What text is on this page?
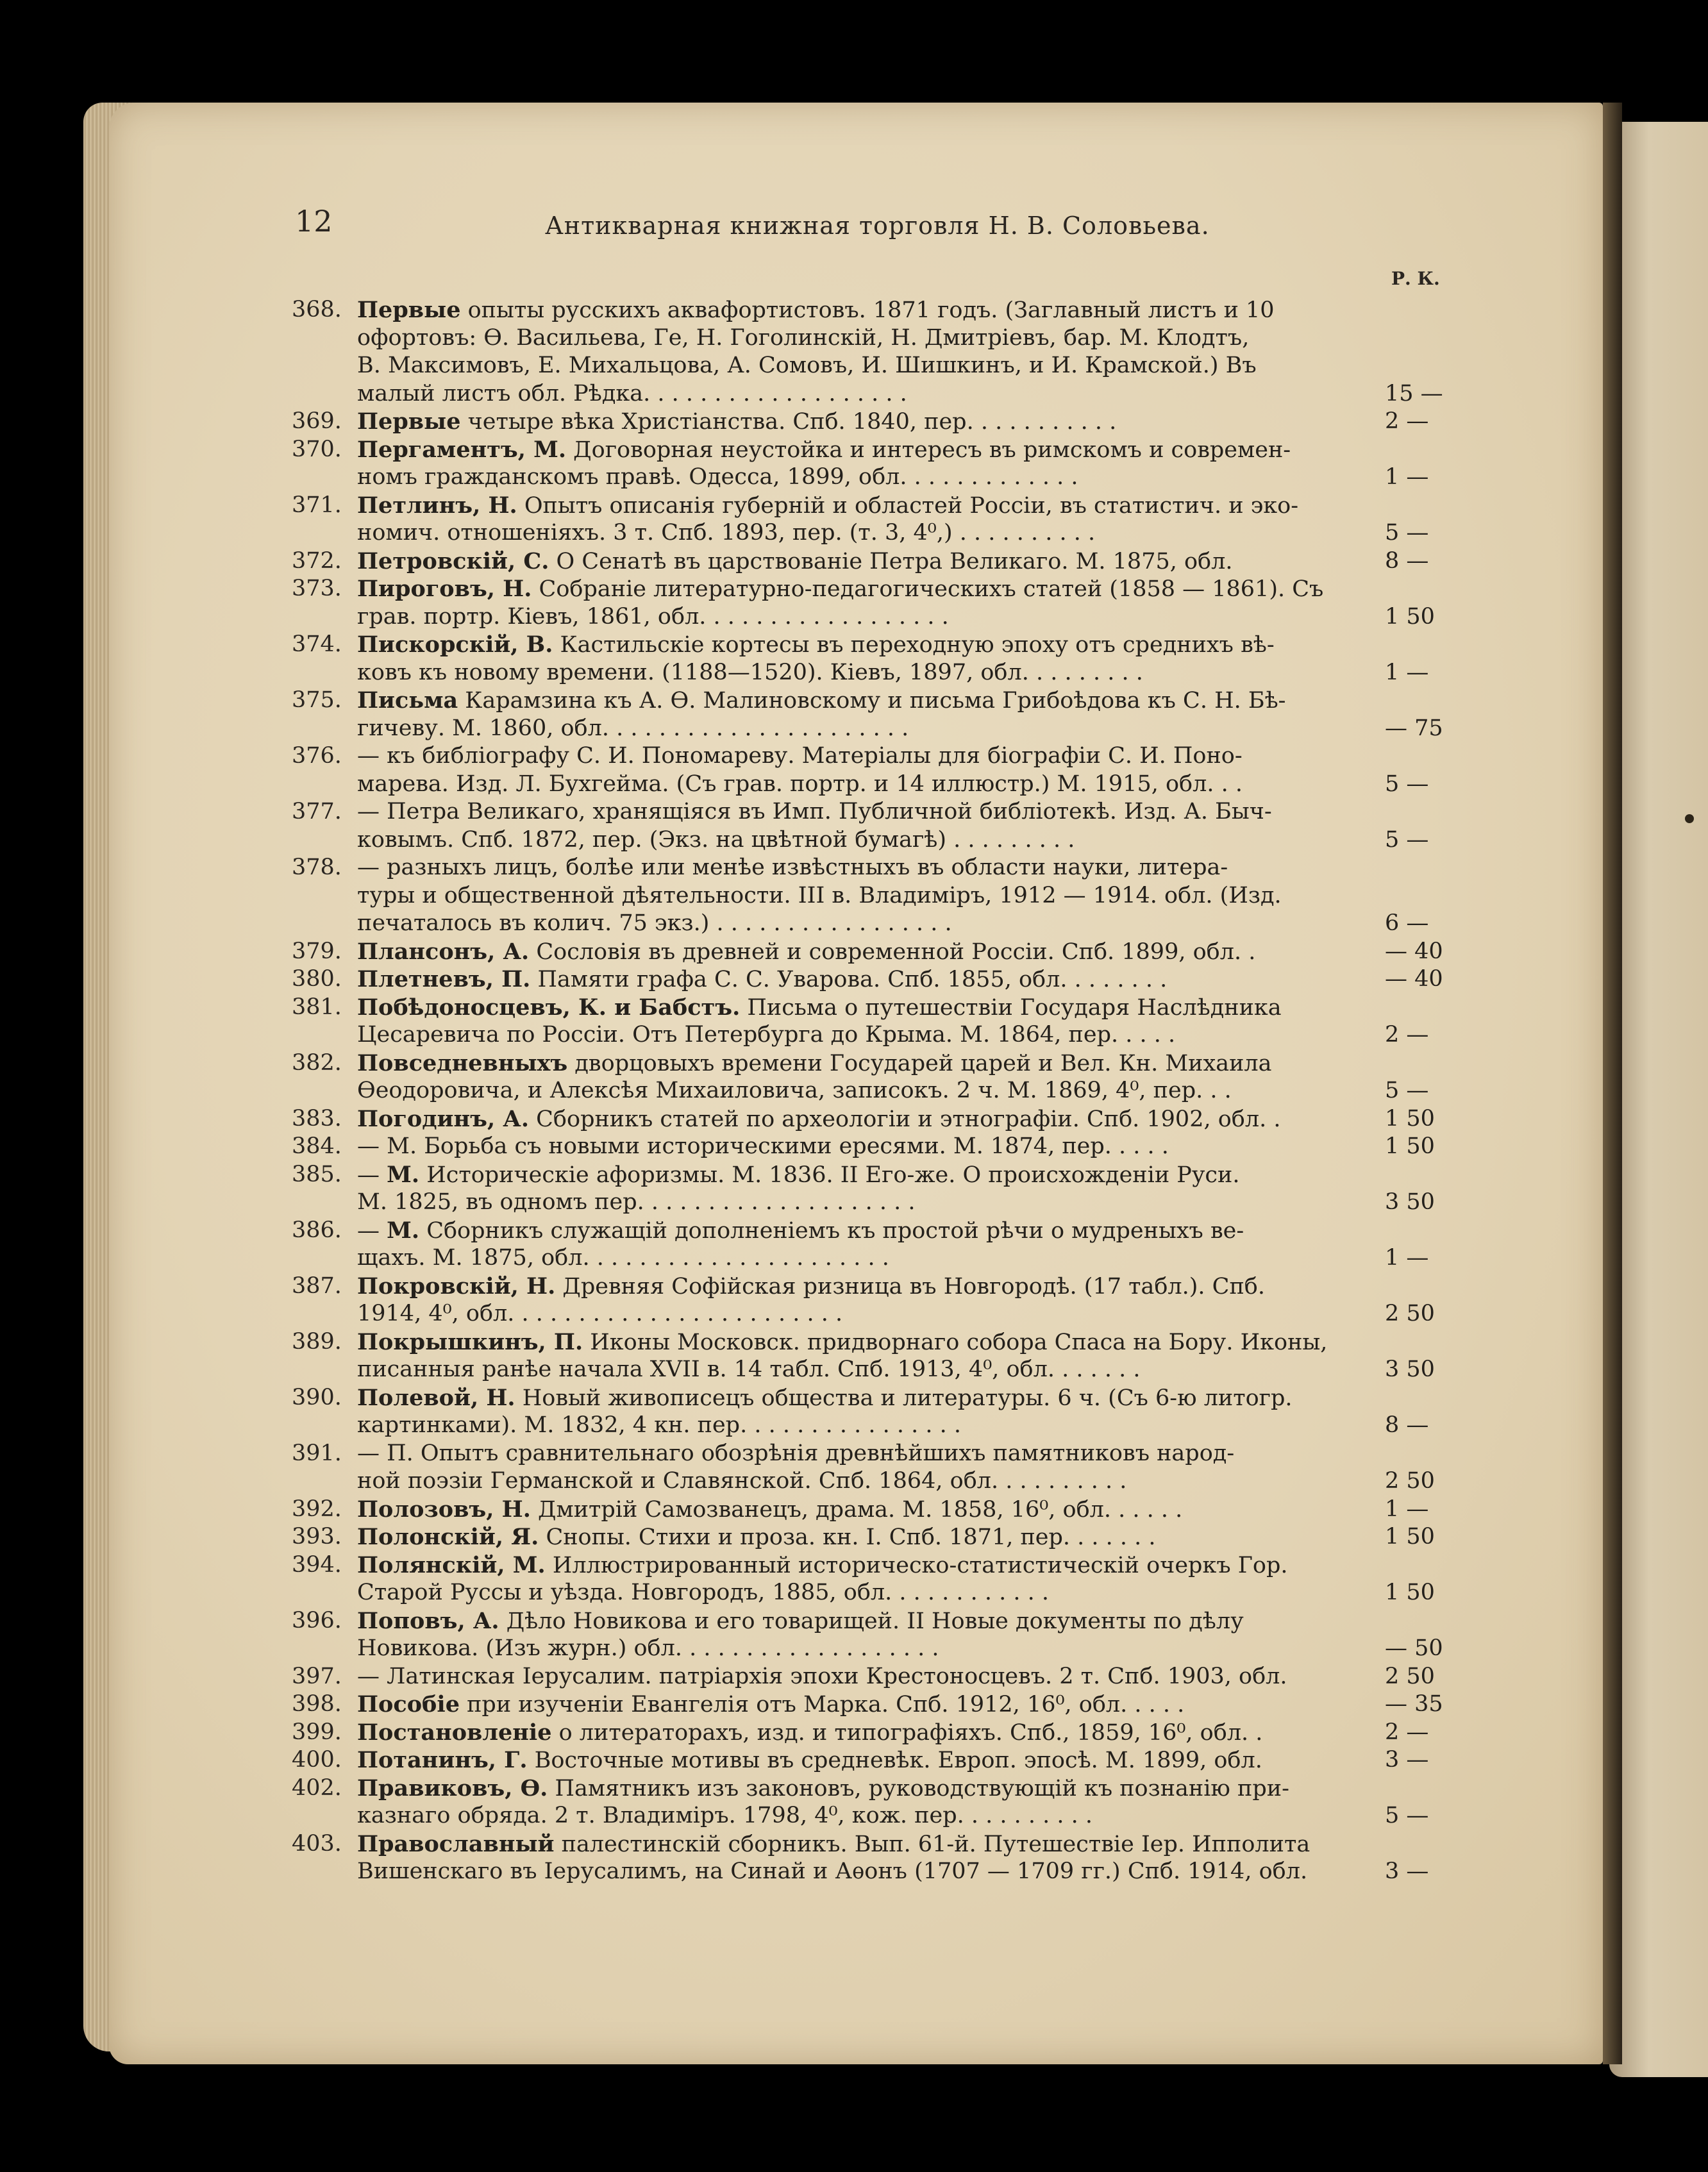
12	Антикварная книжная торговля Н. В. Соловьева.
Р. К.
368. Первые опыты русскихъ аквафортистовъ. 1871 годъ. (Заглавный листъ и 10
офортовъ: Ѳ. Васильева, Ге, Н. Гоголинскій, Н. Дмитріевъ, бар. М. Клодтъ,
В. Максимовъ, Е. Михальцова, А. Сомовъ, И. Шишкинъ, и И. Крамской.) Въ
малый листъ обл. Рѣдка. . . . . . . . . . . . . . . . . . .	15 —
369. Первые четыре вѣка Христіанства. Спб. 1840, пер. . . . . . . . . . .	2 —
370. Пергаментъ, М. Договорная неустойка и интересъ въ римскомъ и современ-
номъ гражданскомъ правѣ. Одесса, 1899, обл. . . . . . . . . . . . .	1 —
371. Петлинъ, Н. Опытъ описанія губерній и областей Россіи, въ статистич. и эко-
номич. отношеніяхъ. 3 т. Спб. 1893, пер. (т. 3, 4⁰,) . . . . . . . . . .	5 —
372. Петровскій, С. О Сенатѣ въ царствованіе Петра Великаго. М. 1875, обл.	8 —
373. Пироговъ, Н. Собраніе литературно-педагогическихъ статей (1858 — 1861). Съ
грав. портр. Кіевъ, 1861, обл. . . . . . . . . . . . . . . . . .	1 50
374. Пискорскій, В. Кастильскіе кортесы въ переходную эпоху отъ среднихъ вѣ-
ковъ къ новому времени. (1188—1520). Кіевъ, 1897, обл. . . . . . . . .	1 —
375. Письма Карамзина къ А. Ѳ. Малиновскому и письма Грибоѣдова къ С. Н. Бѣ-
гичеву. М. 1860, обл. . . . . . . . . . . . . . . . . . . . . .	— 75
376. — къ библіографу С. И. Пономареву. Матеріалы для біографіи С. И. Поно-
марева. Изд. Л. Бухгейма. (Съ грав. портр. и 14 иллюстр.) М. 1915, обл. . .	5 —
377. — Петра Великаго, хранящіяся въ Имп. Публичной библіотекѣ. Изд. А. Быч-
ковымъ. Спб. 1872, пер. (Экз. на цвѣтной бумагѣ) . . . . . . . . .	5 —
378. — разныхъ лицъ, болѣе или менѣе извѣстныхъ въ области науки, литера-
туры и общественной дѣятельности. III в. Владиміръ, 1912 — 1914. обл. (Изд.
печаталось въ колич. 75 экз.) . . . . . . . . . . . . . . . . .	6 —
379. Плансонъ, А. Сословія въ древней и современной Россіи. Спб. 1899, обл. .	— 40
380. Плетневъ, П. Памяти графа С. С. Уварова. Спб. 1855, обл. . . . . . . .	— 40
381. Побѣдоносцевъ, К. и Бабстъ. Письма о путешествіи Государя Наслѣдника
Цесаревича по Россіи. Отъ Петербурга до Крыма. М. 1864, пер. . . . .	2 —
382. Повседневныхъ дворцовыхъ времени Государей царей и Вел. Кн. Михаила
Ѳеодоровича, и Алексѣя Михаиловича, записокъ. 2 ч. М. 1869, 4⁰, пер. . .	5 —
383. Погодинъ, А. Сборникъ статей по археологіи и этнографіи. Спб. 1902, обл. .	1 50
384. — М. Борьба съ новыми историческими ересями. М. 1874, пер. . . . .	1 50
385. — М. Историческіе афоризмы. М. 1836. II Его-же. О происхожденіи Руси.
М. 1825, въ одномъ пер. . . . . . . . . . . . . . . . . . . .	3 50
386. — М. Сборникъ служащій дополненіемъ къ простой рѣчи о мудреныхъ ве-
щахъ. М. 1875, обл. . . . . . . . . . . . . . . . . . . . . .	1 —
387. Покровскій, Н. Древняя Софійская ризница въ Новгородѣ. (17 табл.). Спб.
1914, 4⁰, обл. . . . . . . . . . . . . . . . . . . . . . . .	2 50
389. Покрышкинъ, П. Иконы Московск. придворнаго собора Спаса на Бору. Иконы,
писанныя ранѣе начала XVII в. 14 табл. Спб. 1913, 4⁰, обл. . . . . . .	3 50
390. Полевой, Н. Новый живописецъ общества и литературы. 6 ч. (Съ 6-ю литогр.
картинками). М. 1832, 4 кн. пер. . . . . . . . . . . . . . . .	8 —
391. — П. Опытъ сравнительнаго обозрѣнія древнѣйшихъ памятниковъ народ-
ной поэзіи Германской и Славянской. Спб. 1864, обл. . . . . . . . . .	2 50
392. Полозовъ, Н. Дмитрій Самозванецъ, драма. М. 1858, 16⁰, обл. . . . . .	1 —
393. Полонскій, Я. Снопы. Стихи и проза. кн. I. Спб. 1871, пер. . . . . . .	1 50
394. Полянскій, М. Иллюстрированный историческо-статистическій очеркъ Гор.
Старой Руссы и уѣзда. Новгородъ, 1885, обл. . . . . . . . . . . .	1 50
396. Поповъ, А. Дѣло Новикова и его товарищей. II Новые документы по дѣлу
Новикова. (Изъ журн.) обл. . . . . . . . . . . . . . . . . . .	— 50
397. — Латинская Іерусалим. патріархія эпохи Крестоносцевъ. 2 т. Спб. 1903, обл.	2 50
398. Пособіе при изученіи Евангелія отъ Марка. Спб. 1912, 16⁰, обл. . . . .	— 35
399. Постановленіе о литераторахъ, изд. и типографіяхъ. Спб., 1859, 16⁰, обл. .	2 —
400. Потанинъ, Г. Восточные мотивы въ средневѣк. Европ. эпосѣ. М. 1899, обл.	3 —
402. Правиковъ, Ѳ. Памятникъ изъ законовъ, руководствующій къ познанію при-
казнаго обряда. 2 т. Владиміръ. 1798, 4⁰, кож. пер. . . . . . . . . .	5 —
403. Православный палестинскій сборникъ. Вып. 61-й. Путешествіе Іер. Ипполита
Вишенскаго въ Іерусалимъ, на Синай и Аѳонъ (1707 — 1709 гг.) Спб. 1914, обл.	3 —
